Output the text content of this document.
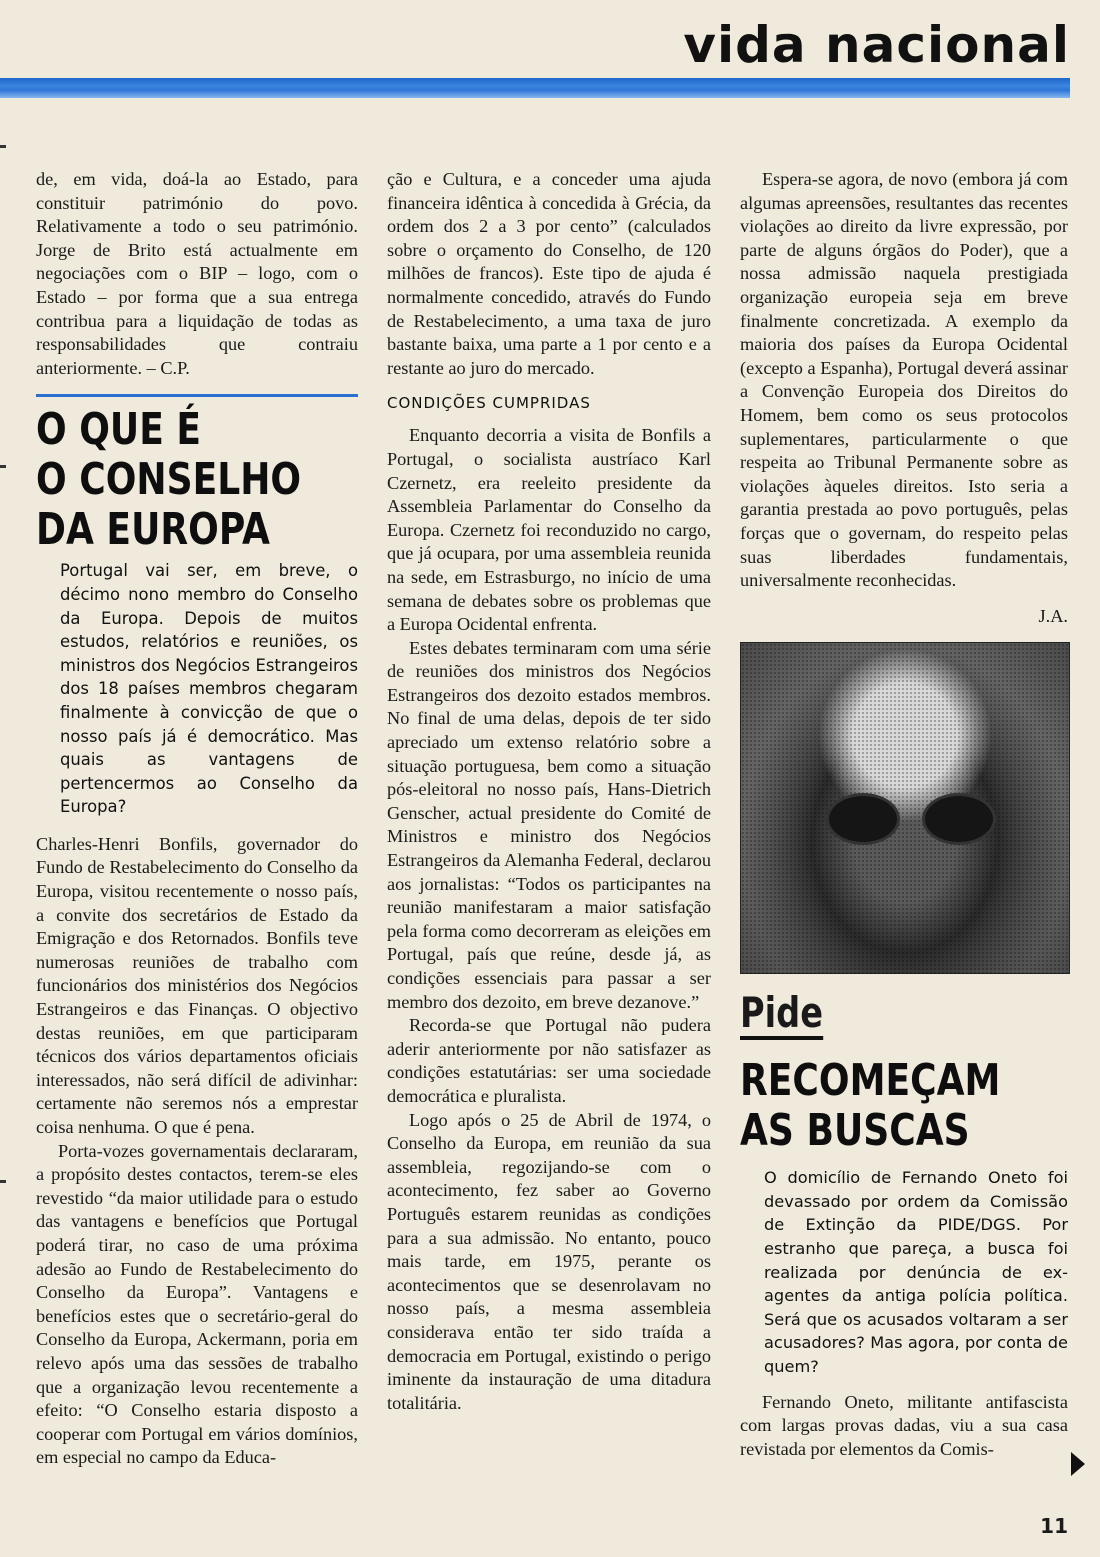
vida nacional

de, em vida, doá-la ao Estado, para constituir património do povo. Relativamente a todo o seu património. Jorge de Brito está actualmente em negociações com o BIP – logo, com o Estado – por forma que a sua entrega contribua para a liquidação de todas as responsabilidades que contraiu anteriormente. – C.P.

O QUE É
O CONSELHO
DA EUROPA
Portugal vai ser, em breve, o décimo nono membro do Conselho da Europa. Depois de muitos estudos, relatórios e reuniões, os ministros dos Negócios Estrangeiros dos 18 países membros chegaram finalmente à convicção de que o nosso país já é democrático. Mas quais as vantagens de pertencermos ao Conselho da Europa?

Charles-Henri Bonfils, governador do Fundo de Restabelecimento do Conselho da Europa, visitou recentemente o nosso país, a convite dos secretários de Estado da Emigração e dos Retornados. Bonfils teve numerosas reuniões de trabalho com funcionários dos ministérios dos Negócios Estrangeiros e das Finanças. O objectivo destas reuniões, em que participaram técnicos dos vários departamentos oficiais interessados, não será difícil de adivinhar: certamente não seremos nós a emprestar coisa nenhuma. O que é pena.

Porta-vozes governamentais declararam, a propósito destes contactos, terem-se eles revestido “da maior utilidade para o estudo das vantagens e benefícios que Portugal poderá tirar, no caso de uma próxima adesão ao Fundo de Restabelecimento do Conselho da Europa”. Vantagens e benefícios estes que o secretário-geral do Conselho da Europa, Ackermann, poria em relevo após uma das sessões de trabalho que a organização levou recentemente a efeito: “O Conselho estaria disposto a cooperar com Portugal em vários domínios, em especial no campo da Educa-

ção e Cultura, e a conceder uma ajuda financeira idêntica à concedida à Grécia, da ordem dos 2 a 3 por cento” (calculados sobre o orçamento do Conselho, de 120 milhões de francos). Este tipo de ajuda é normalmente concedido, através do Fundo de Restabelecimento, a uma taxa de juro bastante baixa, uma parte a 1 por cento e a restante ao juro do mercado.

CONDIÇÕES CUMPRIDAS

Enquanto decorria a visita de Bonfils a Portugal, o socialista austríaco Karl Czernetz, era reeleito presidente da Assembleia Parlamentar do Conselho da Europa. Czernetz foi reconduzido no cargo, que já ocupara, por uma assembleia reunida na sede, em Estrasburgo, no início de uma semana de debates sobre os problemas que a Europa Ocidental enfrenta.

Estes debates terminaram com uma série de reuniões dos ministros dos Negócios Estrangeiros dos dezoito estados membros. No final de uma delas, depois de ter sido apreciado um extenso relatório sobre a situação portuguesa, bem como a situação pós-eleitoral no nosso país, Hans-Dietrich Genscher, actual presidente do Comité de Ministros e ministro dos Negócios Estrangeiros da Alemanha Federal, declarou aos jornalistas: “Todos os participantes na reunião manifestaram a maior satisfação pela forma como decorreram as eleições em Portugal, país que reúne, desde já, as condições essenciais para passar a ser membro dos dezoito, em breve dezanove.”

Recorda-se que Portugal não pudera aderir anteriormente por não satisfazer as condições estatutárias: ser uma sociedade democrática e pluralista.

Logo após o 25 de Abril de 1974, o Conselho da Europa, em reunião da sua assembleia, regozijando-se com o acontecimento, fez saber ao Governo Português estarem reunidas as condições para a sua admissão. No entanto, pouco mais tarde, em 1975, perante os acontecimentos que se desenrolavam no nosso país, a mesma assembleia considerava então ter sido traída a democracia em Portugal, existindo o perigo iminente da instauração de uma ditadura totalitária.

Espera-se agora, de novo (embora já com algumas apreensões, resultantes das recentes violações ao direito da livre expressão, por parte de alguns órgãos do Poder), que a nossa admissão naquela prestigiada organização europeia seja em breve finalmente concretizada. A exemplo da maioria dos países da Europa Ocidental (excepto a Espanha), Portugal deverá assinar a Convenção Europeia dos Direitos do Homem, bem como os seus protocolos suplementares, particularmente o que respeita ao Tribunal Permanente sobre as violações àqueles direitos. Isto seria a garantia prestada ao povo português, pelas forças que o governam, do respeito pelas suas liberdades fundamentais, universalmente reconhecidas.

J.A.

Pide
RECOMEÇAM
AS BUSCAS
O domicílio de Fernando Oneto foi devassado por ordem da Comissão de Extinção da PIDE/DGS. Por estranho que pareça, a busca foi realizada por denúncia de ex-agentes da antiga polícia política. Será que os acusados voltaram a ser acusadores? Mas agora, por conta de quem?

Fernando Oneto, militante antifascista com largas provas dadas, viu a sua casa revistada por elementos da Comis-

11
